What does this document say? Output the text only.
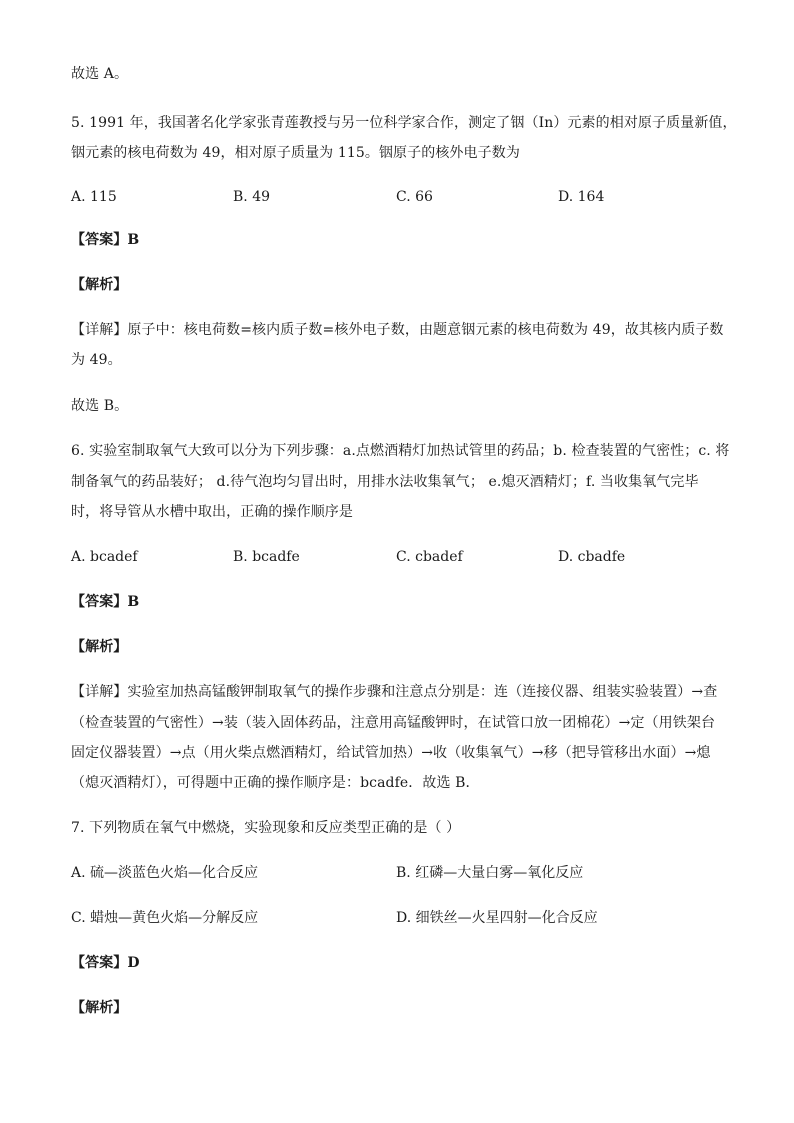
故选 A。
5. 1991 年，我国著名化学家张青莲教授与另一位科学家合作，测定了铟（In）元素的相对原子质量新值，
铟元素的核电荷数为 49，相对原子质量为 115。铟原子的核外电子数为
A. 115	B. 49	C. 66	D. 164
【答案】B
【解析】
【详解】原子中：核电荷数=核内质子数=核外电子数，由题意铟元素的核电荷数为 49，故其核内质子数
为 49。
故选 B。
6. 实验室制取氧气大致可以分为下列步骤：a.点燃酒精灯加热试管里的药品；b. 检查装置的气密性；c. 将
制备氧气的药品装好； d.待气泡均匀冒出时，用排水法收集氧气； e.熄灭酒精灯；f. 当收集氧气完毕
时，将导管从水槽中取出，正确的操作顺序是
A. bcadef	B. bcadfe	C. cbadef	D. cbadfe
【答案】B
【解析】
【详解】实验室加热高锰酸钾制取氧气的操作步骤和注意点分别是：连（连接仪器、组装实验装置）→查
（检查装置的气密性）→装（装入固体药品，注意用高锰酸钾时，在试管口放一团棉花）→定（用铁架台
固定仪器装置）→点（用火柴点燃酒精灯，给试管加热）→收（收集氧气）→移（把导管移出水面）→熄
（熄灭酒精灯），可得题中正确的操作顺序是：bcadfe．故选 B．
7. 下列物质在氧气中燃烧，实验现象和反应类型正确的是（ ）
A. 硫—淡蓝色火焰—化合反应	B. 红磷—大量白雾—氧化反应
C. 蜡烛—黄色火焰—分解反应	D. 细铁丝—火星四射—化合反应
【答案】D
【解析】
